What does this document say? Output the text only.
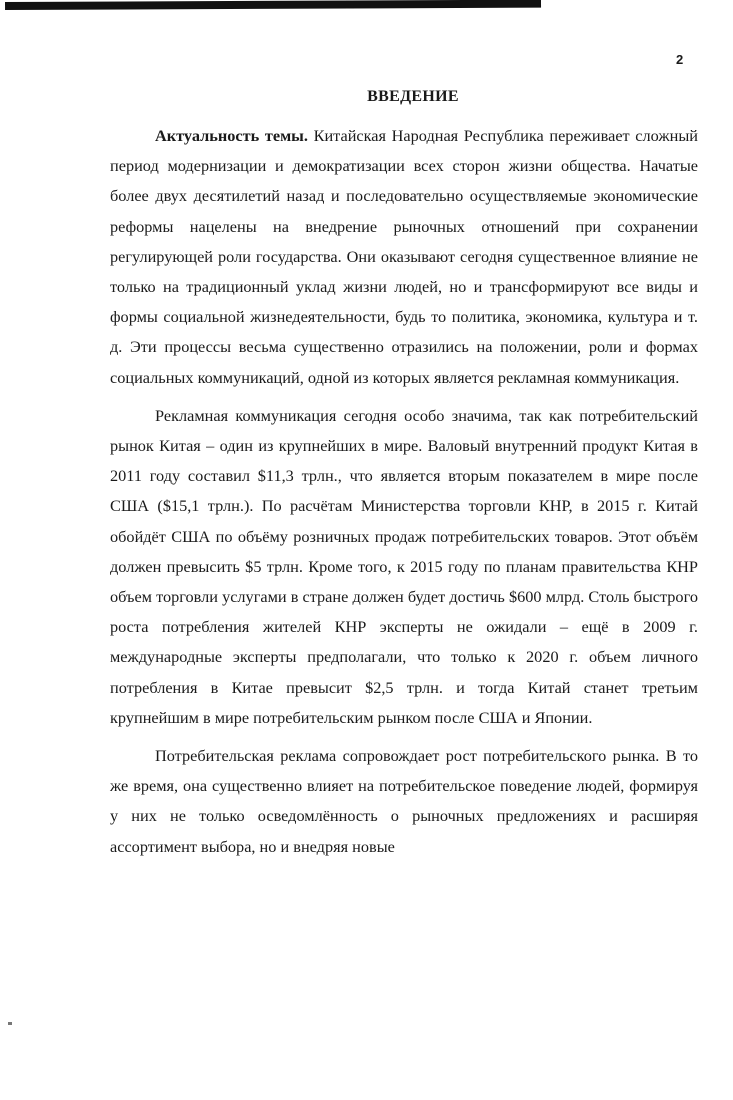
2
ВВЕДЕНИЕ

Актуальность темы. Китайская Народная Республика переживает сложный период модернизации и демократизации всех сторон жизни общества. Начатые более двух десятилетий назад и последовательно осуществляемые экономические реформы нацелены на внедрение рыночных отношений при сохранении регулирующей роли государства. Они оказывают сегодня существенное влияние не только на традиционный уклад жизни людей, но и трансформируют все виды и формы социальной жизнедеятельности, будь то политика, экономика, культура и т. д. Эти процессы весьма существенно отразились на положении, роли и формах социальных коммуникаций, одной из которых является рекламная коммуникация.

Рекламная коммуникация сегодня особо значима, так как потребительский рынок Китая – один из крупнейших в мире. Валовый внутренний продукт Китая в 2011 году составил $11,3 трлн., что является вторым показателем в мире после США ($15,1 трлн.). По расчётам Министерства торговли КНР, в 2015 г. Китай обойдёт США по объёму розничных продаж потребительских товаров. Этот объём должен превысить $5 трлн. Кроме того, к 2015 году по планам правительства КНР объем торговли услугами в стране должен будет достичь $600 млрд. Столь быстрого роста потребления жителей КНР эксперты не ожидали – ещё в 2009 г. международные эксперты предполагали, что только к 2020 г. объем личного потребления в Китае превысит $2,5 трлн. и тогда Китай станет третьим крупнейшим в мире потребительским рынком после США и Японии.

Потребительская реклама сопровождает рост потребительского рынка. В то же время, она существенно влияет на потребительское поведение людей, формируя у них не только осведомлённость о рыночных предложениях и расширяя ассортимент выбора, но и внедряя новые
